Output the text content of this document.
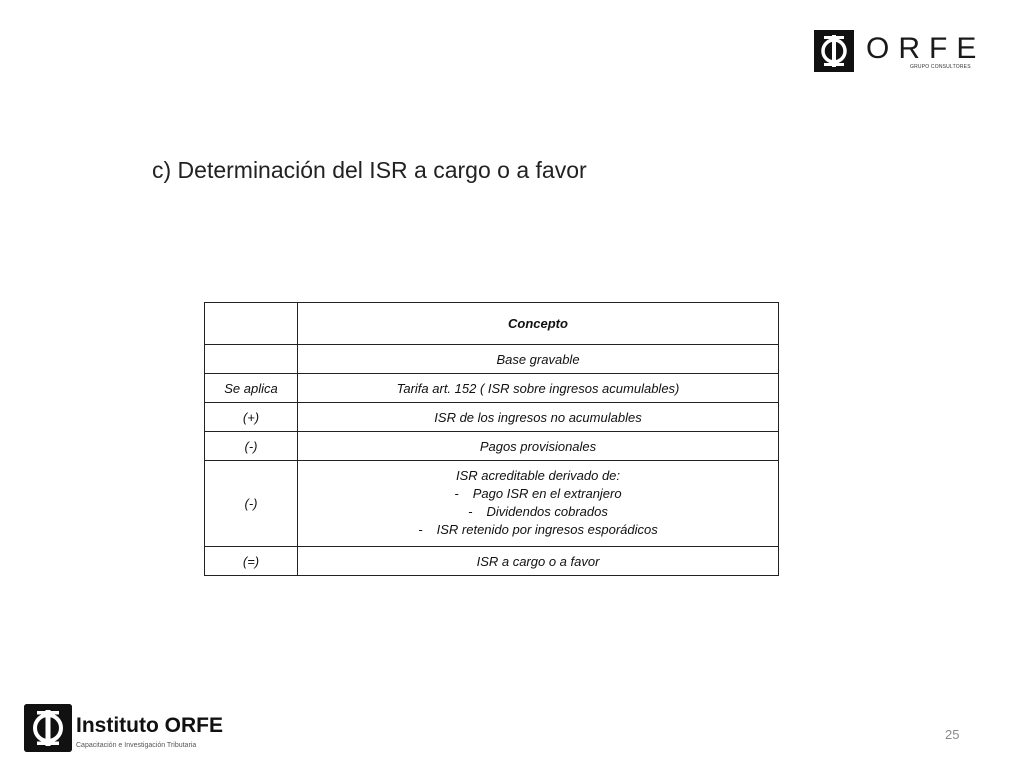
ORFE
GRUPO CONSULTORES
c) Determinación del ISR a cargo o a favor
	Concepto
	Base gravable
Se aplica	Tarifa art. 152 ( ISR sobre ingresos acumulables)
(+)	ISR de los ingresos no acumulables
(-)	Pagos provisionales
(-)	ISR acreditable derivado de:
- Pago ISR en el extranjero
- Dividendos cobrados
- ISR retenido por ingresos esporádicos

(=)	ISR a cargo o a favor
Instituto ORFE
Capacitación e Investigación Tributaria
25
